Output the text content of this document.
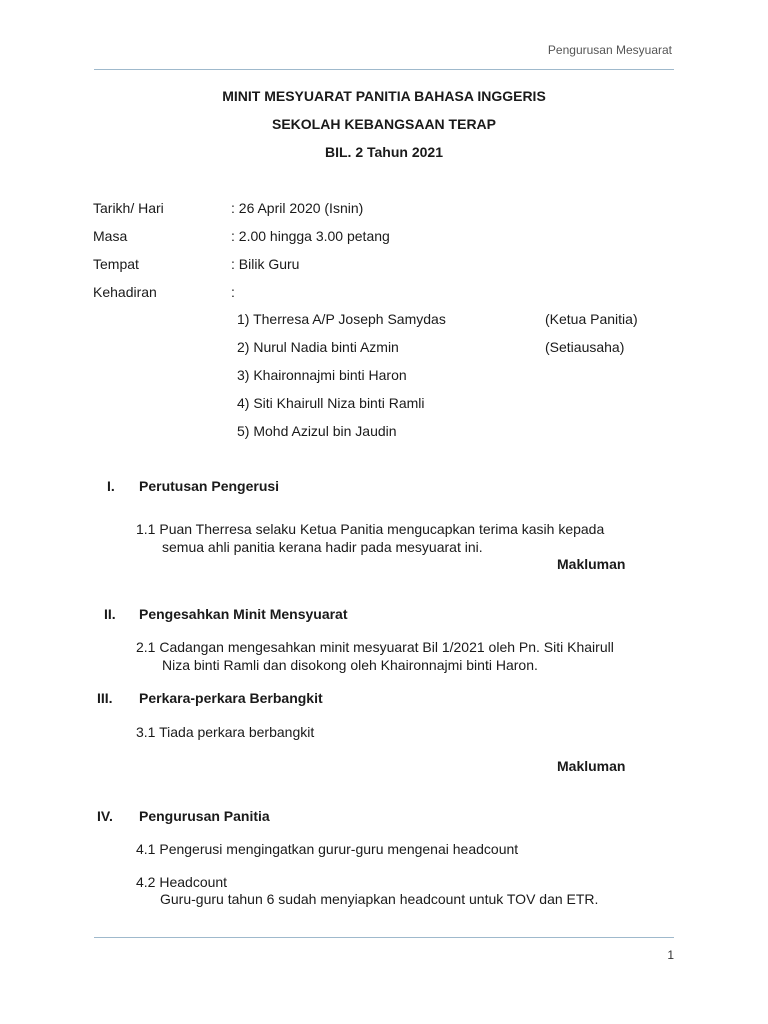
Pengurusan Mesyuarat
MINIT MESYUARAT PANITIA BAHASA INGGERIS
SEKOLAH KEBANGSAAN TERAP
BIL. 2 Tahun 2021
Tarikh/ Hari	: 26 April 2020 (Isnin)
Masa	: 2.00 hingga 3.00 petang
Tempat	: Bilik Guru
Kehadiran	:
1) Therresa A/P Joseph Samydas	(Ketua Panitia)
2) Nurul Nadia binti Azmin	(Setiausaha)
3) Khaironnajmi binti Haron
4) Siti Khairull Niza binti Ramli
5) Mohd Azizul bin Jaudin
I. Perutusan Pengerusi
1.1 Puan Therresa selaku Ketua Panitia mengucapkan terima kasih kepada
semua ahli panitia kerana hadir pada mesyuarat ini.
Makluman
II. Pengesahkan Minit Mensyuarat
2.1 Cadangan mengesahkan minit mesyuarat Bil 1/2021 oleh Pn. Siti Khairull
Niza binti Ramli dan disokong oleh Khaironnajmi binti Haron.
III. Perkara-perkara Berbangkit
3.1 Tiada perkara berbangkit
Makluman
IV. Pengurusan Panitia
4.1 Pengerusi mengingatkan gurur-guru mengenai headcount
4.2 Headcount
Guru-guru tahun 6 sudah menyiapkan headcount untuk TOV dan ETR.
1
